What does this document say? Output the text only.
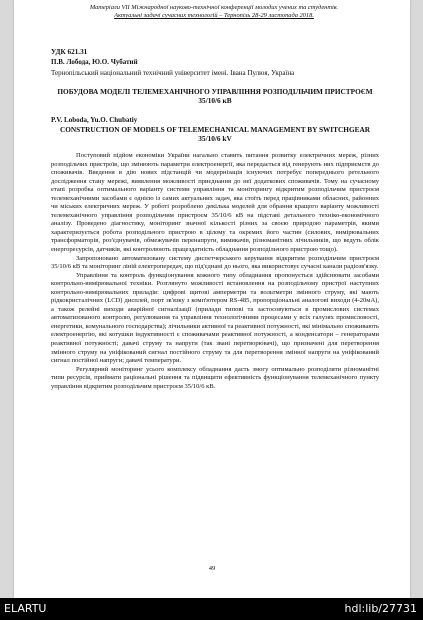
Матеріали VІІ Міжнародної науково-технічної конференції молодих учених та студентів.
Актуальні задачі сучасних технологій – Тернопіль 28-29 листопада 2018.
УДК 621.31
П.В. Лобода, Ю.О. Чубатий
Тернопільський національний технічний університет імені. Івана Пулюя, Україна
ПОБУДОВА МОДЕЛІ ТЕЛЕМЕХАНІЧНОГО УПРАВЛІННЯ РОЗПОДІЛЬЧИМ ПРИСТРОЄМ 35/10/6 кВ
P.V. Loboda, Yu.O. Chubatiy
CONSTRUCTION OF MODELS OF TELEMECHANICAL MANAGEMENT BY SWITCHGEAR 35/10/6 kV

Поступовий підйом економіки України нагально ставить питання розвитку електричних мереж, різних розподільчих пристроїв, що змінюють параметри електроенергії, яка передається від генерують них підприємств до споживачів. Введення в дію нових підстанцій чи модернізація існуючих потребує попереднього ретельного дослідження стану мережі, виявлення можливості приєднання до неї додаткових споживачів. Тому на сучасному етапі розробка оптимального варіанту системи управління та моніторингу відкритим розподільчим пристроєм телемеханічними засобами є однією із самих актуальних задач, яка стоїть перед працівниками обласних, районних чи міських електричних мереж. У роботі розроблено декілька моделей для обрання кращого варіанту можливості телемеханічного управління розподільчим пристроєм 35/10/6 кВ на підставі детального техніко-економічного аналізу. Проведено діагностику, моніторинг значної кількості різних за своєю природою параметрів, якими характеризується робота розподільчого пристрою в цілому та окремих його частин (силових, вимірювальних трансформаторів, роз'єднувачів, обмежувачів перенапруги, вимикачів, різноманітних лічильників, що ведуть облік енергоресурсів, датчиків, які контролюють працездатність обладнання розподільчого пристрою тощо).

Запропоновано автоматизовану систему диспетчерського керування відкритим розподільчим пристроєм 35/10/6 кВ та моніторинг ліній електропередач, що під'єднані до нього, яка використовує сучасні канали радіозв'язку.

Управління та контроль функціонування кожного типу обладнання пропонується здійснювати засобами контрольно-вимірювальної техніки. Розглянуто можливості встановлення на розподільчому пристрої наступних контрольно-вимірювальних приладів: цифрові щитові амперметри та вольтметри змінного струму, які мають рідкокристалічних (LCD) дисплей, порт зв'язку з комп'ютером RS-485, пропорціональні аналогові виходи (4-20мА), а також релейні виходи аварійної сигналізації (прилади типові та застосовуються в промислових системах автоматизованого контролю, регулювання та управління технологічними процесами у всіх галузях промисловості, енергетики, комунального господарства); лічильники активної та реактивної потужності, які мінімально споживають електроенергію, які котушки індуктивності є споживачами реактивної потужності, а конденсатори – генераторами реактивної потужності; давачі струму та напруги (так звані перетворювачі), що призначені для перетворення змінного струму на уніфікований сигнал постійного струму та для перетворення змінної напруги на уніфікований сигнал постійної напруги; давачі температури.

Регулярний моніторинг усього комплексу обладнання дасть змогу оптимально розподіляти різноманітні типи ресурсів, приймати раціональні рішення та підвищити ефективність функціонування телемеханічного пункту управління відкритим розподільчим пристроєм 35/10/6 кВ.

49
ELARTU	hdl:lib/27731
